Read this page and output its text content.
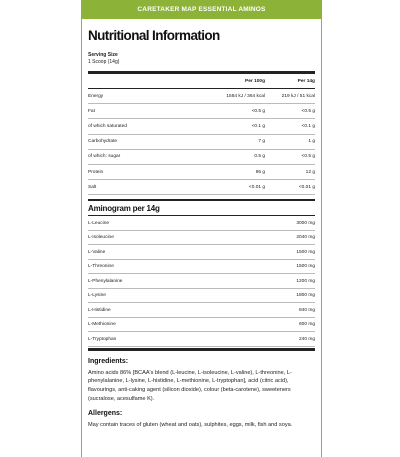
CARETAKER MAP ESSENTIAL AMINOS
Nutritional Information
Serving Size
1 Scoop (14g)
	Per 100g	Per 14g
Energy	1584 kJ / 364 kcal	219 kJ / 51 kcal
Fat	<0.5 g	<0.5 g
of which saturated	<0.1 g	<0.1 g
Carbohydrate	7 g	1 g
of which: sugar	0.5 g	<0.5 g
Protein	86 g	12 g
Salt	<0.01 g	<0.01 g
Aminogram per 14g
L-Leucine	3000 mg
L-Isoleucine	2040 mg
L-Valine	1500 mg
L-Threonine	1500 mg
L-Phenylalanine	1200 mg
L-Lysine	1800 mg
L-Histidine	840 mg
L-Methionine	600 mg
L-Tryptophan	240 mg
Ingredients:
Amino acids 86% [BCAA's blend (L-leucine, L-isoleucine, L-valine), L-threonine, L- phenylalanine, L-lysine, L-histidine, L-methionine, L-tryptophan], acid (citric acid), flavourings, anti-caking agent (silicon dioxide), colour (beta-carotene), sweeteners (sucralose, acesulfame K).
Allergens:
May contain traces of gluten (wheat and oats), sulphites, eggs, milk, fish and soya.
